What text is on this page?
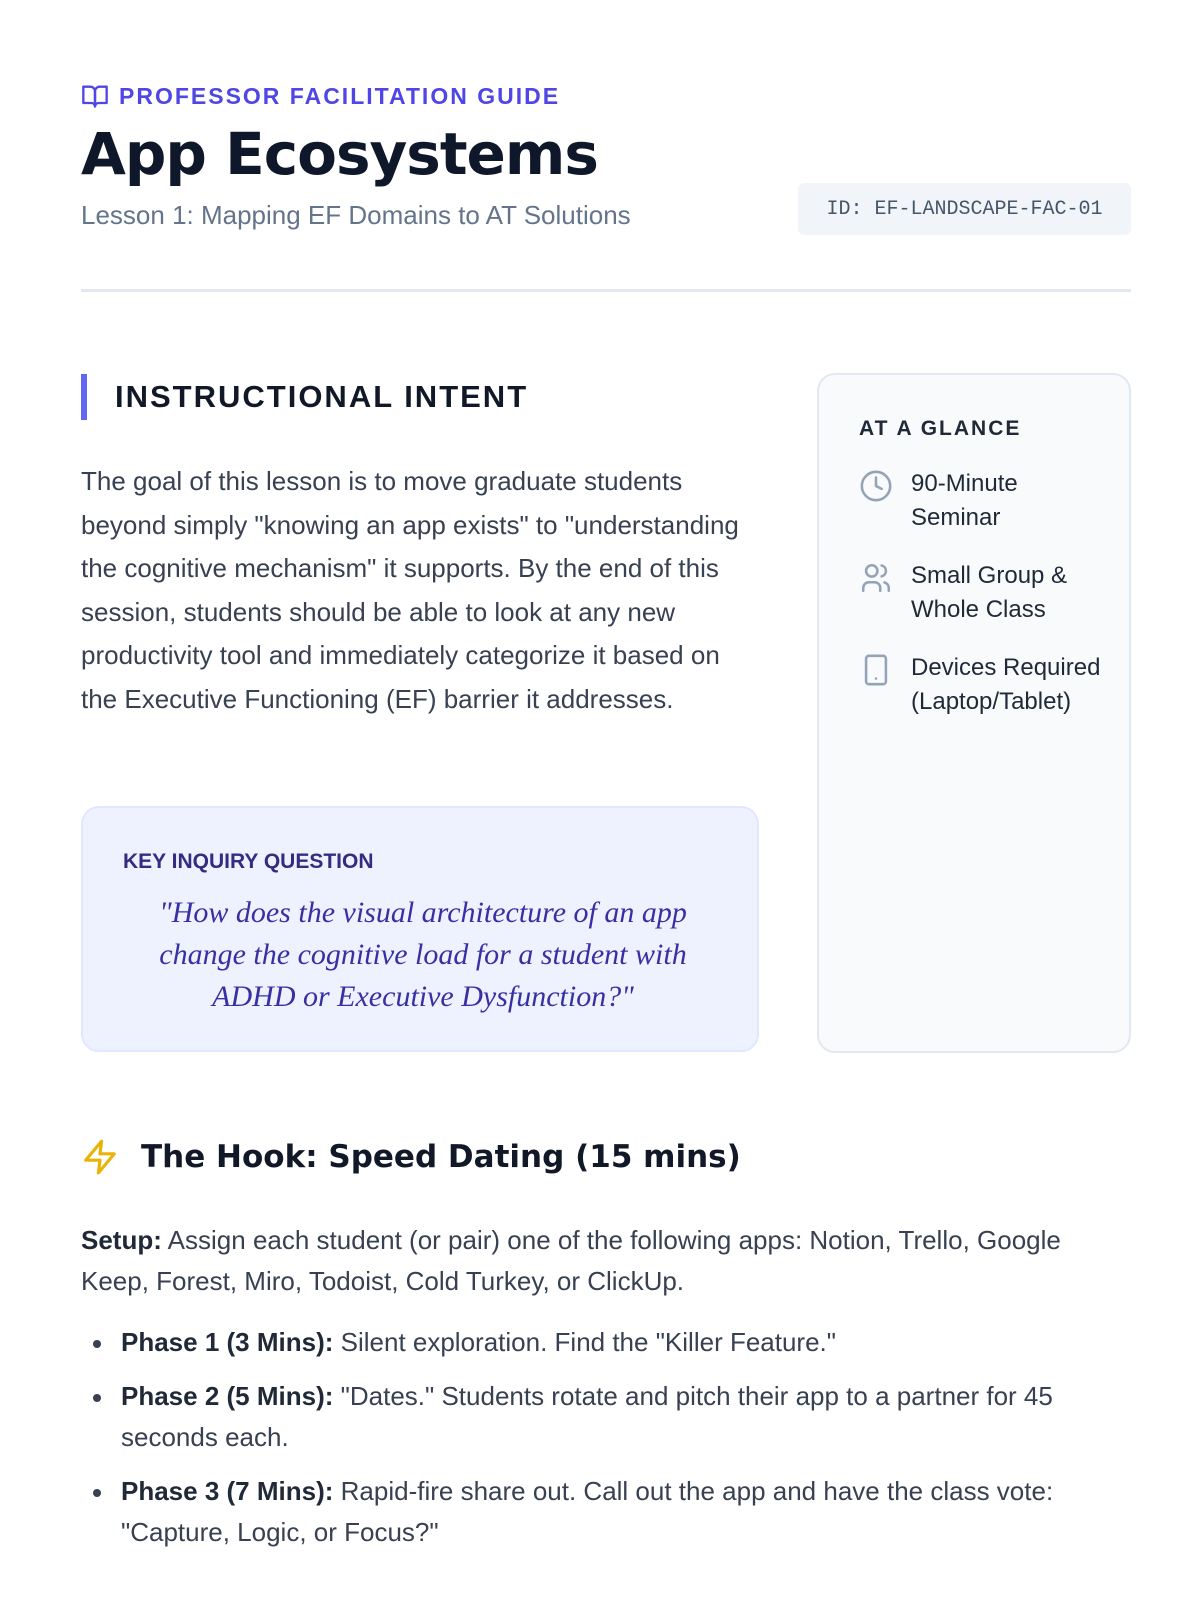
PROFESSOR FACILITATION GUIDE
App Ecosystems
Lesson 1: Mapping EF Domains to AT Solutions	ID: EF-LANDSCAPE-FAC-01
INSTRUCTIONAL INTENT

The goal of this lesson is to move graduate students beyond simply "knowing an app exists" to "understanding the cognitive mechanism" it supports. By the end of this session, students should be able to look at any new productivity tool and immediately categorize it based on the Executive Functioning (EF) barrier it addresses.

KEY INQUIRY QUESTION
"How does the visual architecture of an app change the cognitive load for a student with ADHD or Executive Dysfunction?"
AT A GLANCE
90-Minute Seminar
Small Group & Whole Class
Devices Required (Laptop/Tablet)
The Hook: Speed Dating (15 mins)

Setup: Assign each student (or pair) one of the following apps: Notion, Trello, Google Keep, Forest, Miro, Todoist, Cold Turkey, or ClickUp.

Phase 1 (3 Mins): Silent exploration. Find the "Killer Feature."
Phase 2 (5 Mins): "Dates." Students rotate and pitch their app to a partner for 45 seconds each.
Phase 3 (7 Mins): Rapid-fire share out. Call out the app and have the class vote: "Capture, Logic, or Focus?"
